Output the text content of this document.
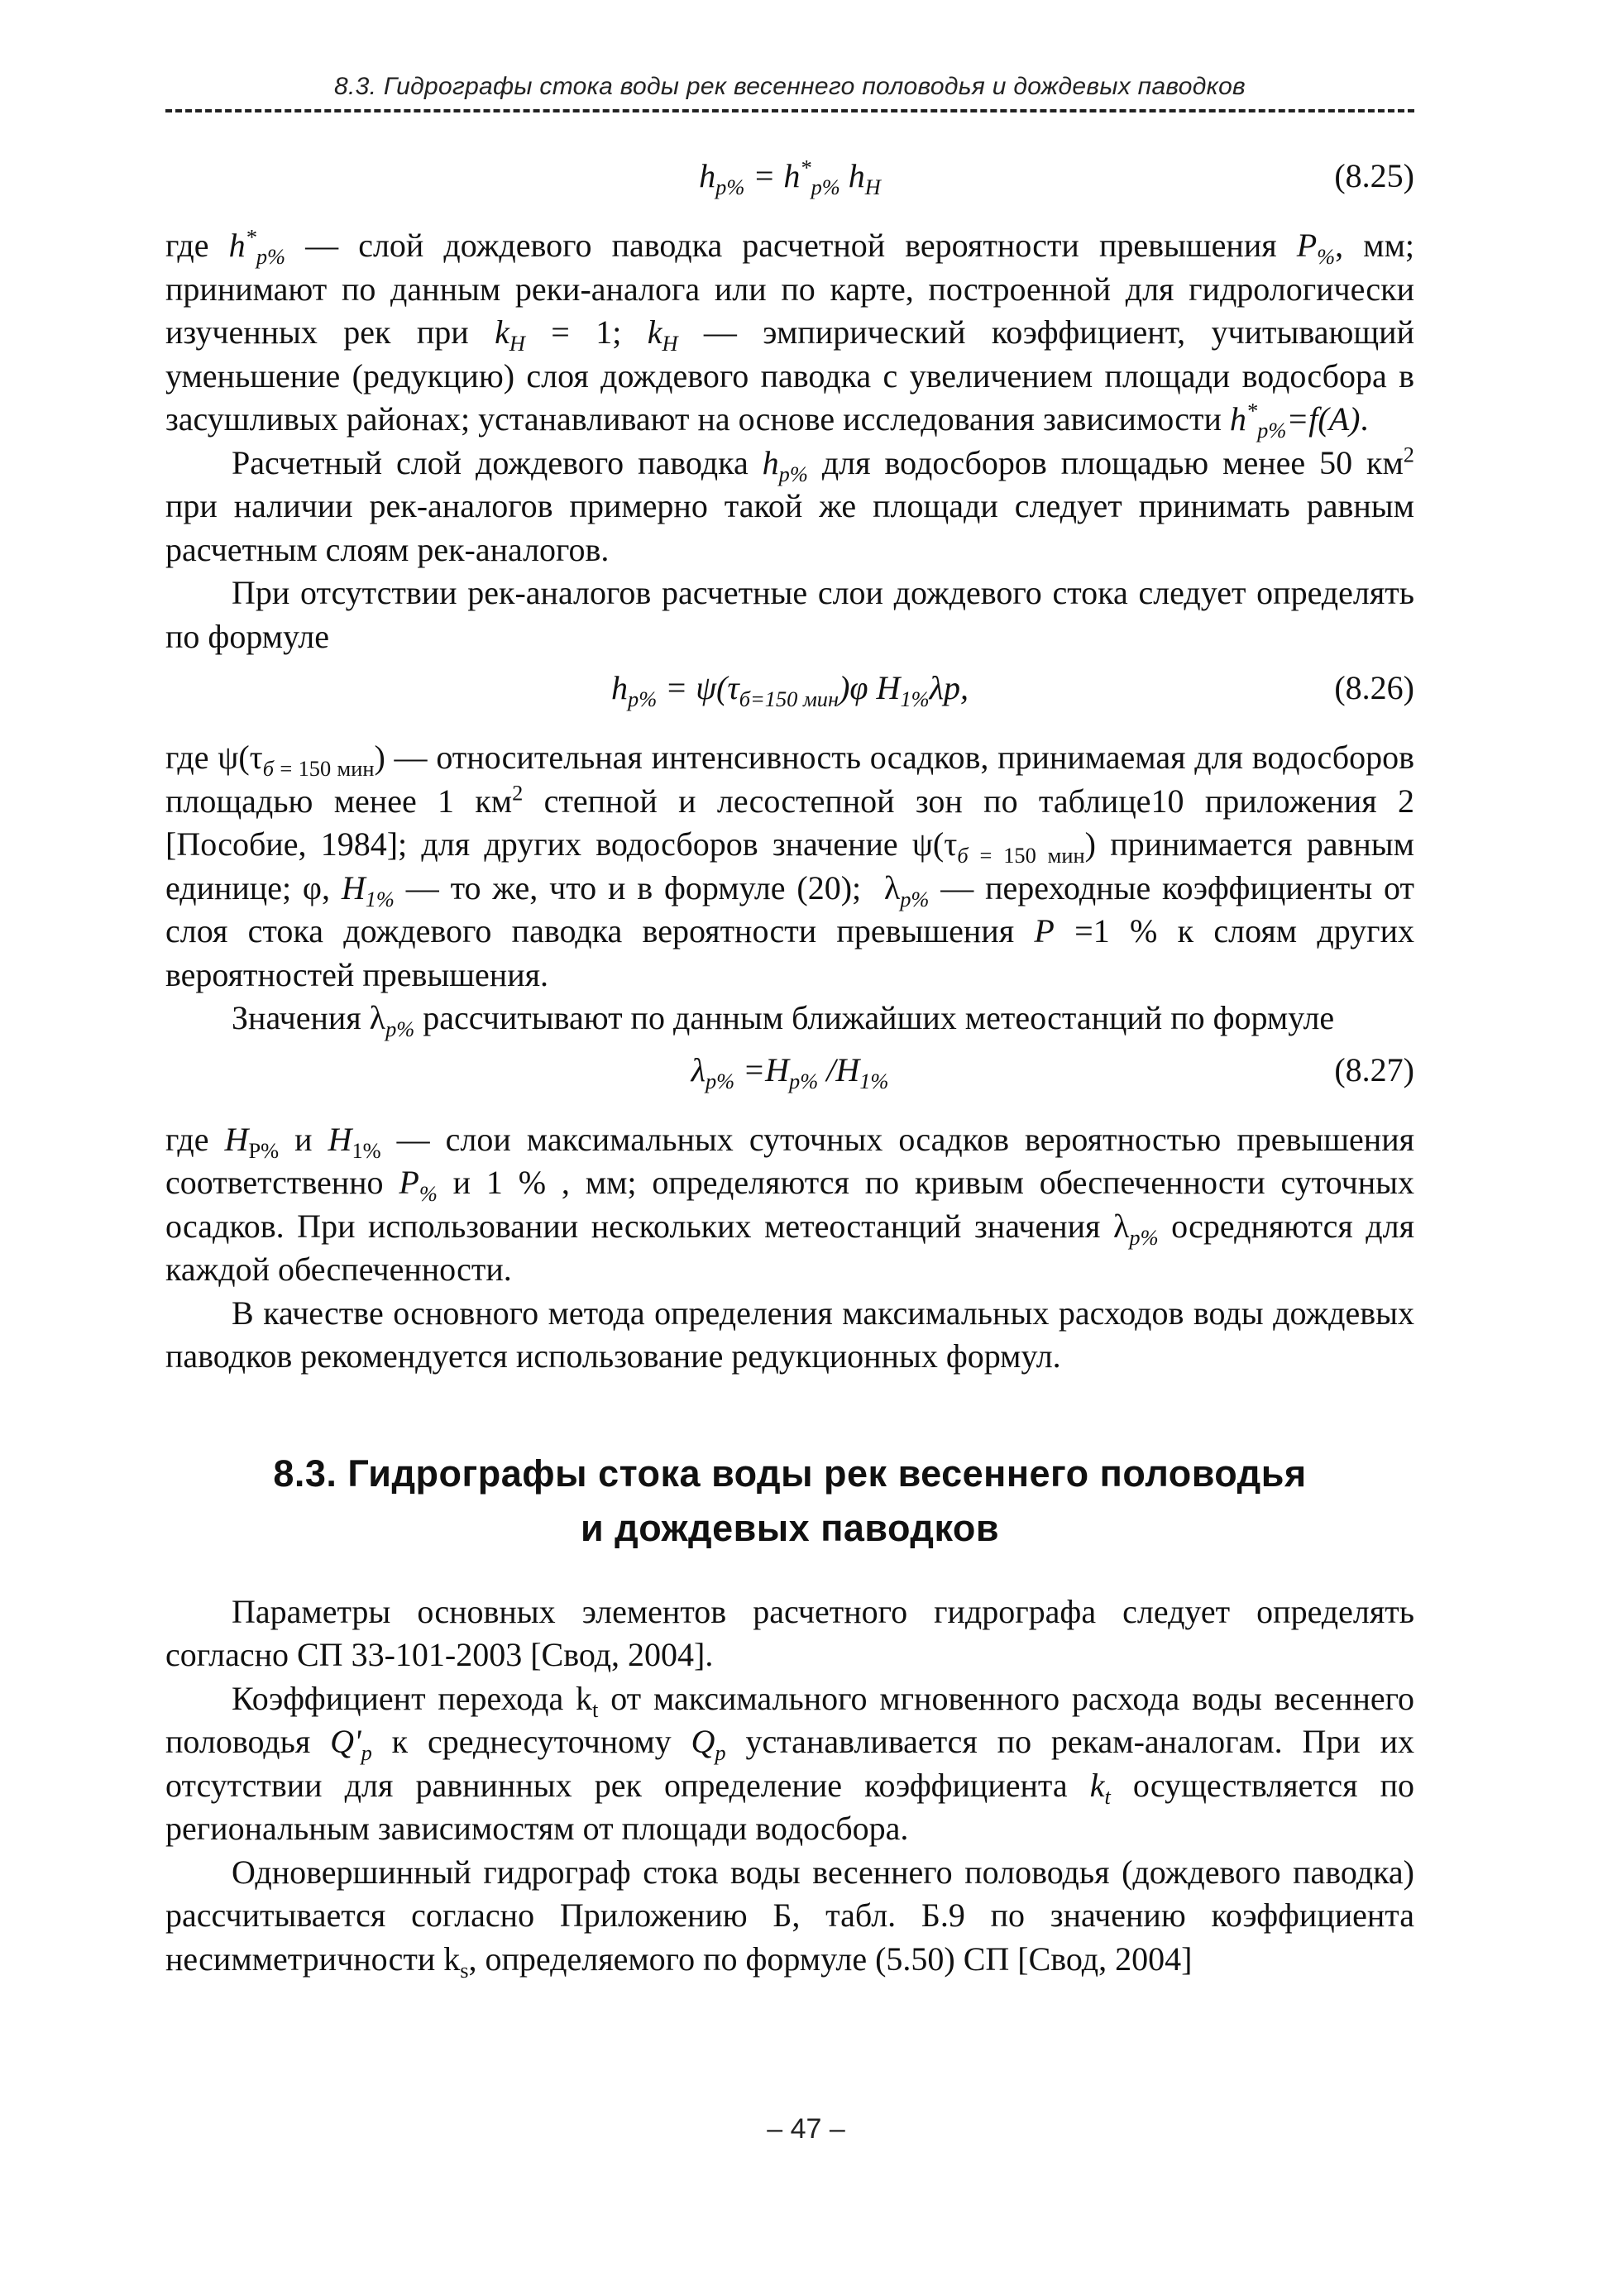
8.3. Гидрографы стока воды рек весеннего половодья и дождевых паводков
$h_{p\%} = h^*_{p\%}$ $h_H$	(8.25)

где $h^*_{p\%}$ — слой дождевого паводка расчетной вероятности превышения $P_{\%}$, мм; принимают по данным реки-аналога или по карте, построенной для гидрологически изученных рек при $k_H = 1$; $k_H$ — эмпирический коэффициент, учитывающий уменьшение (редукцию) слоя дождевого паводка с увеличением площади водосбора в засушливых районах; устанавливают на основе исследования зависимости $h^*_{p\%}=f(A)$.

Расчетный слой дождевого паводка $h_{p\%}$ для водосборов площадью менее 50 $км^2$ при наличии рек-аналогов примерно такой же площади следует принимать равным расчетным слоям рек-аналогов.

При отсутствии рек-аналогов расчетные слои дождевого стока следует определять по формуле

$h_{p\%} = \psi(\tau_{б=150 мин})\varphi$ $H_{1\%}\lambda p$,	(8.26)

где $\psi(\tau_{б = 150 мин})$ — относительная интенсивность осадков, принимаемая для водосборов площадью менее 1 $км^2$ степной и лесостепной зон по таблице10 приложения 2 [Пособие, 1984]; для других водосборов значение $\psi(\tau_{б = 150 мин})$ принимается равным единице; φ, $H_{1\%}$ — то же, что и в формуле (20);  $\lambda_{p\%}$ — переходные коэффициенты от слоя стока дождевого паводка вероятности превышения P =1 % к слоям других вероятностей превышения.

Значения $\lambda_{p\%}$ рассчитывают по данным ближайших метеостанций по формуле

$\lambda_{p\%} =H_{p\%}$ $/H_{1\%}$	(8.27)

где $H_{P\%}$ и $H_{1\%}$ — слои максимальных суточных осадков вероятностью превышения соответственно $P_{\%}$ и 1 % , мм; определяются по кривым обеспеченности суточных осадков. При использовании нескольких метеостанций значения $\lambda_{p\%}$ осредняются для каждой обеспеченности.

В качестве основного метода определения максимальных расходов воды дождевых паводков рекомендуется использование редукционных формул.

8.3. Гидрографы стока воды рек весеннего половодья
и дождевых паводков

Параметры основных элементов расчетного гидрографа следует определять согласно СП 33-101-2003 [Свод, 2004].

Коэффициент перехода $k_t$ от максимального мгновенного расхода воды весеннего половодья $Q'_p$ к среднесуточному $Q_p$ устанавливается по рекам-аналогам. При их отсутствии для равнинных рек определение коэффициента $k_t$ осуществляется по региональным зависимостям от площади водосбора.

Одновершинный гидрограф стока воды весеннего половодья (дождевого паводка) рассчитывается согласно Приложению Б, табл. Б.9 по значению коэффициента несимметричности $k_s$, определяемого по формуле (5.50) СП [Свод, 2004]

– 47 –
